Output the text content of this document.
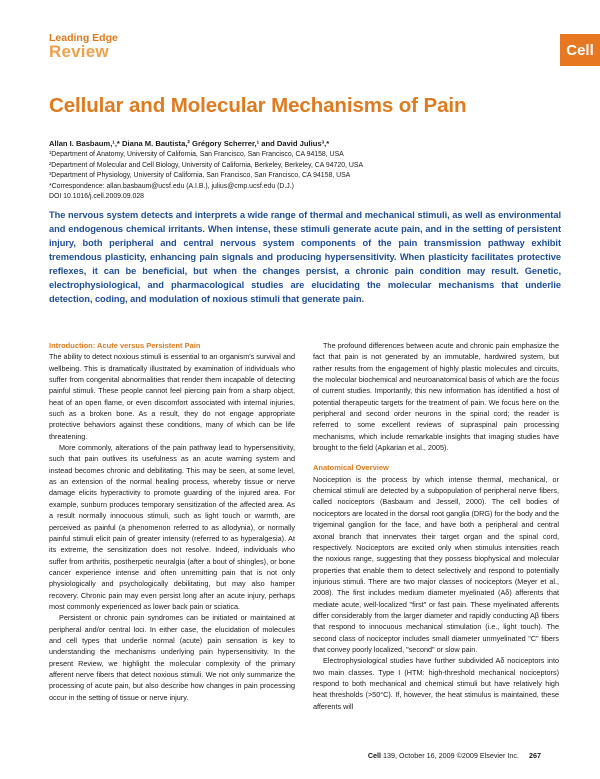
Leading Edge
Review	Cell
Cellular and Molecular Mechanisms of Pain
Allan I. Basbaum,¹,* Diana M. Bautista,² Grégory Scherrer,¹ and David Julius³,*
¹Department of Anatomy, University of California, San Francisco, San Francisco, CA 94158, USA
²Department of Molecular and Cell Biology, University of California, Berkeley, Berkeley, CA 94720, USA
³Department of Physiology, University of California, San Francisco, San Francisco, CA 94158, USA
*Correspondence: allan.basbaum@ucsf.edu (A.I.B.), julius@cmp.ucsf.edu (D.J.)
DOI 10.1016/j.cell.2009.09.028
The nervous system detects and interprets a wide range of thermal and mechanical stimuli, as well as environmental and endogenous chemical irritants. When intense, these stimuli generate acute pain, and in the setting of persistent injury, both peripheral and central nervous system components of the pain transmission pathway exhibit tremendous plasticity, enhancing pain signals and producing hypersensitivity. When plasticity facilitates protective reflexes, it can be beneficial, but when the changes persist, a chronic pain condition may result. Genetic, electrophysiological, and pharmacological studies are elucidating the molecular mechanisms that underlie detection, coding, and modulation of noxious stimuli that generate pain.
Introduction: Acute versus Persistent Pain

The ability to detect noxious stimuli is essential to an organism's survival and wellbeing. This is dramatically illustrated by examination of individuals who suffer from congenital abnormalities that render them incapable of detecting painful stimuli. These people cannot feel piercing pain from a sharp object, heat of an open flame, or even discomfort associated with internal injuries, such as a broken bone. As a result, they do not engage appropriate protective behaviors against these conditions, many of which can be life threatening.

More commonly, alterations of the pain pathway lead to hypersensitivity, such that pain outlives its usefulness as an acute warning system and instead becomes chronic and debilitating. This may be seen, at some level, as an extension of the normal healing process, whereby tissue or nerve damage elicits hyperactivity to promote guarding of the injured area. For example, sunburn produces temporary sensitization of the affected area. As a result normally innocuous stimuli, such as light touch or warmth, are perceived as painful (a phenomenon referred to as allodynia), or normally painful stimuli elicit pain of greater intensity (referred to as hyperalgesia). At its extreme, the sensitization does not resolve. Indeed, individuals who suffer from arthritis, postherpetic neuralgia (after a bout of shingles), or bone cancer experience intense and often unremitting pain that is not only physiologically and psychologically debilitating, but may also hamper recovery. Chronic pain may even persist long after an acute injury, perhaps most commonly experienced as lower back pain or sciatica.

Persistent or chronic pain syndromes can be initiated or maintained at peripheral and/or central loci. In either case, the elucidation of molecules and cell types that underlie normal (acute) pain sensation is key to understanding the mechanisms underlying pain hypersensitivity. In the present Review, we highlight the molecular complexity of the primary afferent nerve fibers that detect noxious stimuli. We not only summarize the processing of acute pain, but also describe how changes in pain processing occur in the setting of tissue or nerve injury.

The profound differences between acute and chronic pain emphasize the fact that pain is not generated by an immutable, hardwired system, but rather results from the engagement of highly plastic molecules and circuits, the molecular biochemical and neuroanatomical basis of which are the focus of current studies. Importantly, this new information has identified a host of potential therapeutic targets for the treatment of pain. We focus here on the peripheral and second order neurons in the spinal cord; the reader is referred to some excellent reviews of supraspinal pain processing mechanisms, which include remarkable insights that imaging studies have brought to the field (Apkarian et al., 2005).

Anatomical Overview

Nociception is the process by which intense thermal, mechanical, or chemical stimuli are detected by a subpopulation of peripheral nerve fibers, called nociceptors (Basbaum and Jessell, 2000). The cell bodies of nociceptors are located in the dorsal root ganglia (DRG) for the body and the trigeminal ganglion for the face, and have both a peripheral and central axonal branch that innervates their target organ and the spinal cord, respectively. Nociceptors are excited only when stimulus intensities reach the noxious range, suggesting that they possess biophysical and molecular properties that enable them to detect selectively and respond to potentially injurious stimuli. There are two major classes of nociceptors (Meyer et al., 2008). The first includes medium diameter myelinated (Aδ) afferents that mediate acute, well-localized "first" or fast pain. These myelinated afferents differ considerably from the larger diameter and rapidly conducting Aβ fibers that respond to innocuous mechanical stimulation (i.e., light touch). The second class of nociceptor includes small diameter unmyelinated "C" fibers that convey poorly localized, "second" or slow pain.

Electrophysiological studies have further subdivided Aδ nociceptors into two main classes. Type I (HTM: high-threshold mechanical nociceptors) respond to both mechanical and chemical stimuli but have relatively high heat thresholds (>50°C). If, however, the heat stimulus is maintained, these afferents will

Cell 139, October 16, 2009 ©2009 Elsevier Inc. 267
